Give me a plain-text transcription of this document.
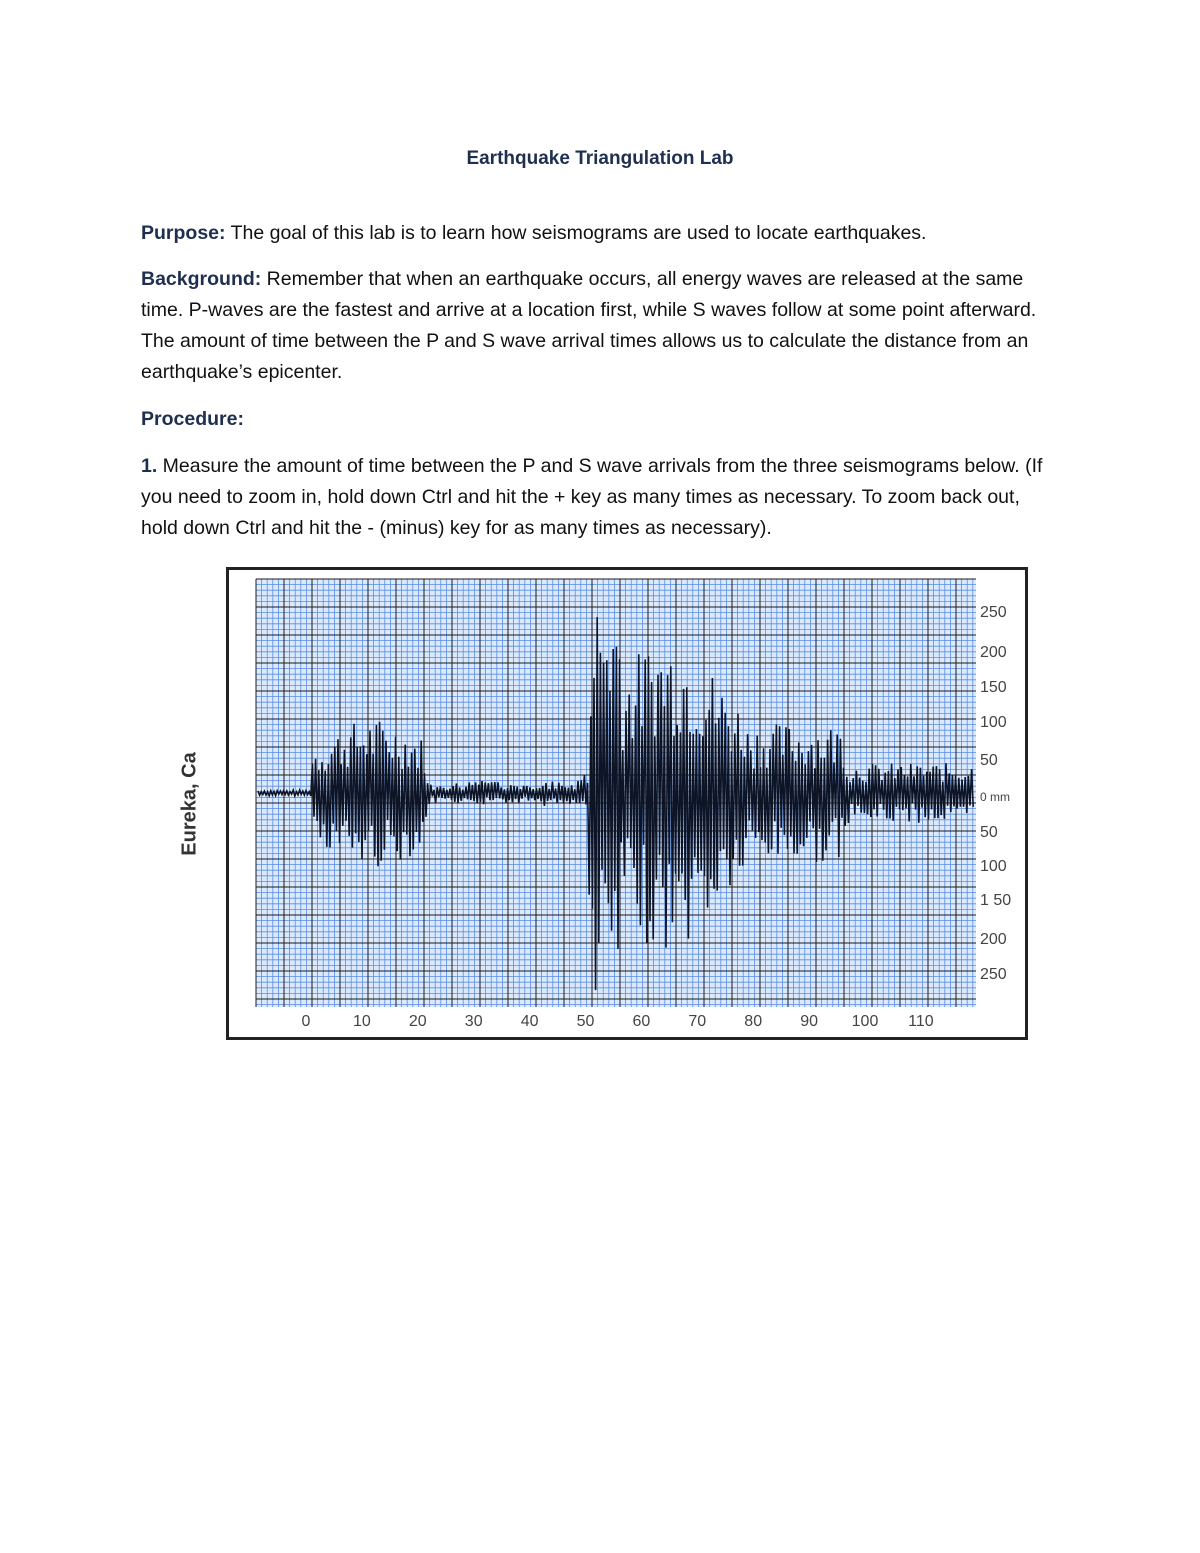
Earthquake Triangulation Lab
Purpose: The goal of this lab is to learn how seismograms are used to locate earthquakes.
Background: Remember that when an earthquake occurs, all energy waves are released at the same time. P-waves are the fastest and arrive at a location first, while S waves follow at some point afterward. The amount of time between the P and S wave arrival times allows us to calculate the distance from an earthquake’s epicenter.
Procedure:
1. Measure the amount of time between the P and S wave arrivals from the three seismograms below. (If you need to zoom in, hold down Ctrl and hit the + key as many times as necessary. To zoom back out, hold down Ctrl and hit the - (minus) key for as many times as necessary).
Eureka, Ca
250
200
150
100
50
0 mm
50
100
1 50
200
250
0	10 20 30 40 50 60 70 80 90 100 110
